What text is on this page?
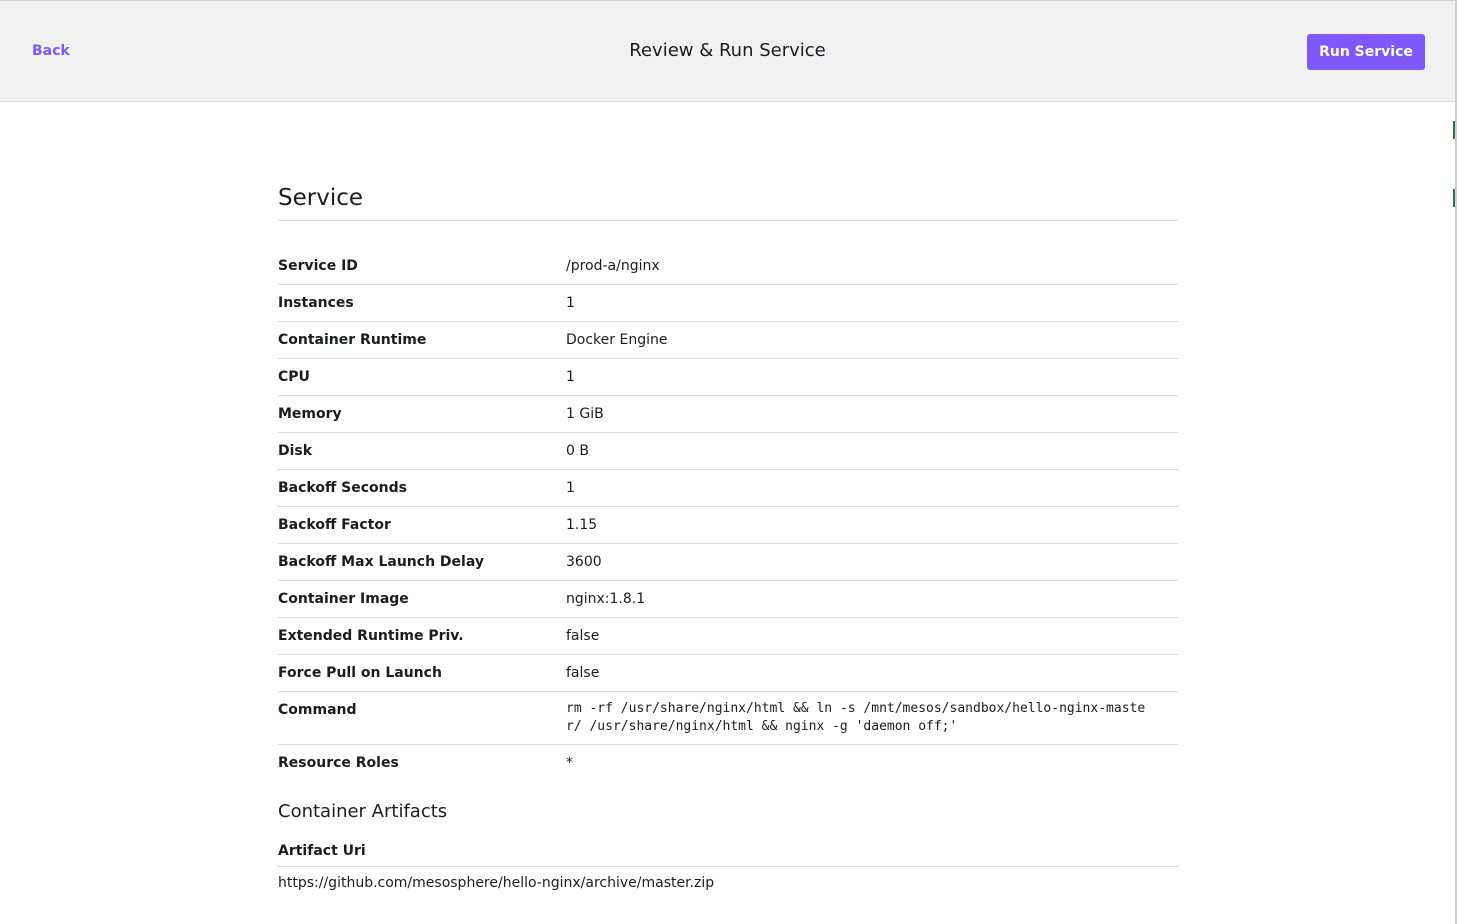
Back	Review & Run Service	Run Service
Service
Service ID	/prod-a/nginx
Instances	1
Container Runtime	Docker Engine
CPU	1
Memory	1 GiB
Disk	0 B
Backoff Seconds	1
Backoff Factor	1.15
Backoff Max Launch Delay	3600
Container Image	nginx:1.8.1
Extended Runtime Priv.	false
Force Pull on Launch	false
Command	rm -rf /usr/share/nginx/html && ln -s /mnt/mesos/sandbox/hello-nginx-master/ /usr/share/nginx/html && nginx -g 'daemon off;'
Resource Roles	*
Container Artifacts
Artifact Uri
https://github.com/mesosphere/hello-nginx/archive/master.zip
